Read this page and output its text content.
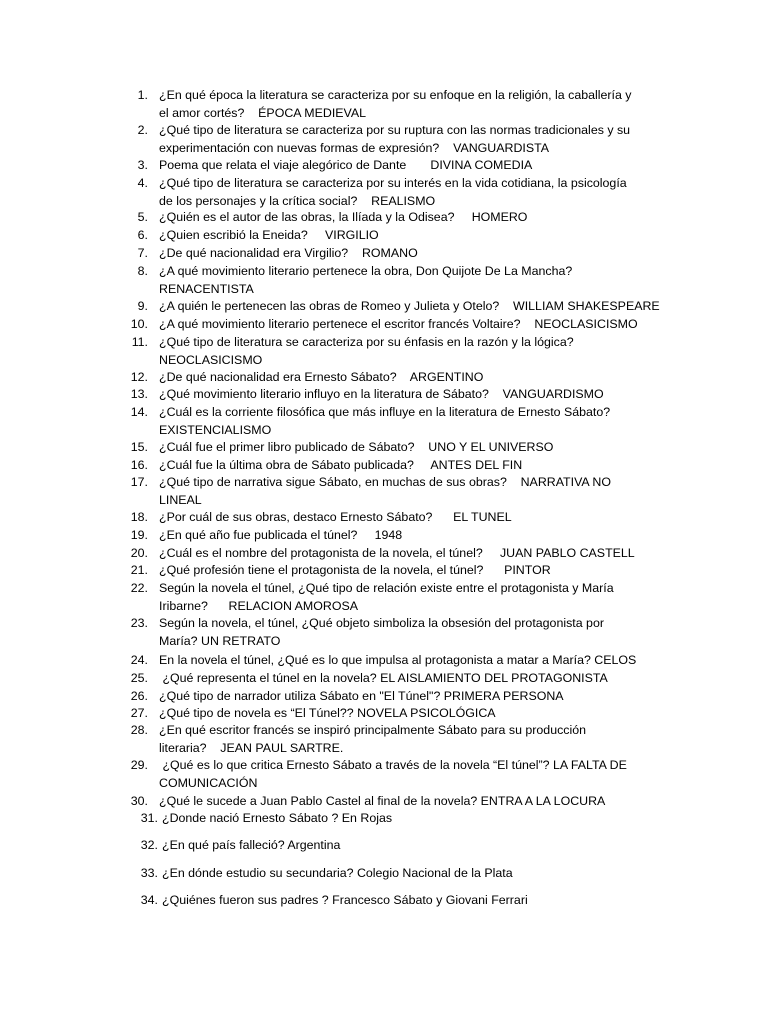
1. ¿En qué época la literatura se caracteriza por su enfoque en la religión, la caballería y
el amor cortés?    ÉPOCA MEDIEVAL
2. ¿Qué tipo de literatura se caracteriza por su ruptura con las normas tradicionales y su
experimentación con nuevas formas de expresión?    VANGUARDISTA
3. Poema que relata el viaje alegórico de Dante       DIVINA COMEDIA
4. ¿Qué tipo de literatura se caracteriza por su interés en la vida cotidiana, la psicología
de los personajes y la crítica social?    REALISMO
5. ¿Quién es el autor de las obras, la Ilíada y la Odisea?     HOMERO
6. ¿Quien escribió la Eneida?     VIRGILIO
7. ¿De qué nacionalidad era Virgilio?    ROMANO
8. ¿A qué movimiento literario pertenece la obra, Don Quijote De La Mancha?
RENACENTISTA
9. ¿A quién le pertenecen las obras de Romeo y Julieta y Otelo?    WILLIAM SHAKESPEARE
10. ¿A qué movimiento literario pertenece el escritor francés Voltaire?    NEOCLASICISMO
11. ¿Qué tipo de literatura se caracteriza por su énfasis en la razón y la lógica?
NEOCLASICISMO
12. ¿De qué nacionalidad era Ernesto Sábato?    ARGENTINO
13. ¿Qué movimiento literario influyo en la literatura de Sábato?    VANGUARDISMO
14. ¿Cuál es la corriente filosófica que más influye en la literatura de Ernesto Sábato?
EXISTENCIALISMO
15. ¿Cuál fue el primer libro publicado de Sábato?    UNO Y EL UNIVERSO
16. ¿Cuál fue la última obra de Sábato publicada?     ANTES DEL FIN
17. ¿Qué tipo de narrativa sigue Sábato, en muchas de sus obras?    NARRATIVA NO
LINEAL
18. ¿Por cuál de sus obras, destaco Ernesto Sábato?      EL TUNEL
19. ¿En qué año fue publicada el túnel?     1948
20. ¿Cuál es el nombre del protagonista de la novela, el túnel?     JUAN PABLO CASTELL
21. ¿Qué profesión tiene el protagonista de la novela, el túnel?      PINTOR
22. Según la novela el túnel, ¿Qué tipo de relación existe entre el protagonista y María
Iribarne?      RELACION AMOROSA
23. Según la novela, el túnel, ¿Qué objeto simboliza la obsesión del protagonista por
María? UN RETRATO
24. En la novela el túnel, ¿Qué es lo que impulsa al protagonista a matar a María? CELOS
25. ¿Qué representa el túnel en la novela? EL AISLAMIENTO DEL PROTAGONISTA
26. ¿Qué tipo de narrador utiliza Sábato en "El Túnel"? PRIMERA PERSONA
27. ¿Qué tipo de novela es “El Túnel?? NOVELA PSICOLÓGICA
28. ¿En qué escritor francés se inspiró principalmente Sábato para su producción
literaria?    JEAN PAUL SARTRE.
29. ¿Qué es lo que critica Ernesto Sábato a través de la novela “El túnel”? LA FALTA DE
COMUNICACIÓN
30. ¿Qué le sucede a Juan Pablo Castel al final de la novela? ENTRA A LA LOCURA
31. ¿Donde nació Ernesto Sábato ? En Rojas
32. ¿En qué país falleció? Argentina
33. ¿En dónde estudio su secundaria? Colegio Nacional de la Plata
34. ¿Quiénes fueron sus padres ? Francesco Sábato y Giovani Ferrari
